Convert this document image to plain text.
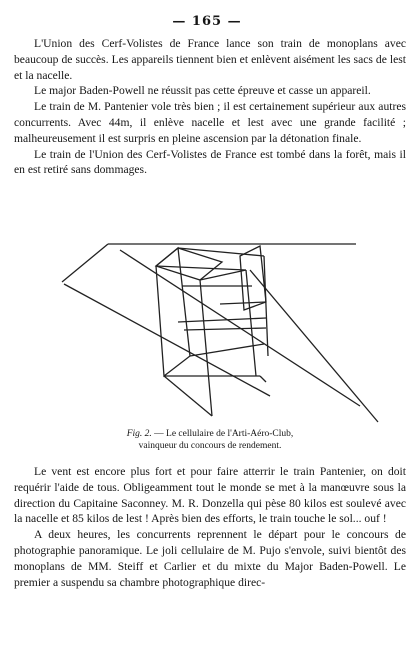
— 165 —

L'Union des Cerf-Volistes de France lance son train de monoplans avec beaucoup de succès. Les appareils tiennent bien et enlèvent aisément les sacs de lest et la nacelle.

Le major Baden-Powell ne réussit pas cette épreuve et casse un appareil.

Le train de M. Pantenier vole très bien ; il est certainement supérieur aux autres concurrents. Avec 44m, il enlève nacelle et lest avec une grande facilité ; malheureusement il est surpris en pleine ascension par la détonation finale.

Le train de l'Union des Cerf-Volistes de France est tombé dans la forêt, mais il en est retiré sans dommages.

Fig. 2. — Le cellulaire de l'Arti-Aéro-Club,
vainqueur du concours de rendement.

Le vent est encore plus fort et pour faire atterrir le train Pantenier, on doit requérir l'aide de tous. Obligeamment tout le monde se met à la manœuvre sous la direction du Capitaine Saconney. M. R. Donzella qui pèse 80 kilos est soulevé avec la nacelle et 85 kilos de lest ! Après bien des efforts, le train touche le sol... ouf !

A deux heures, les concurrents reprennent le départ pour le concours de photographie panoramique. Le joli cellulaire de M. Pujo s'envole, suivi bientôt des monoplans de MM. Steiff et Carlier et du mixte du Major Baden-Powell. Le premier a suspendu sa chambre photographique direc-
